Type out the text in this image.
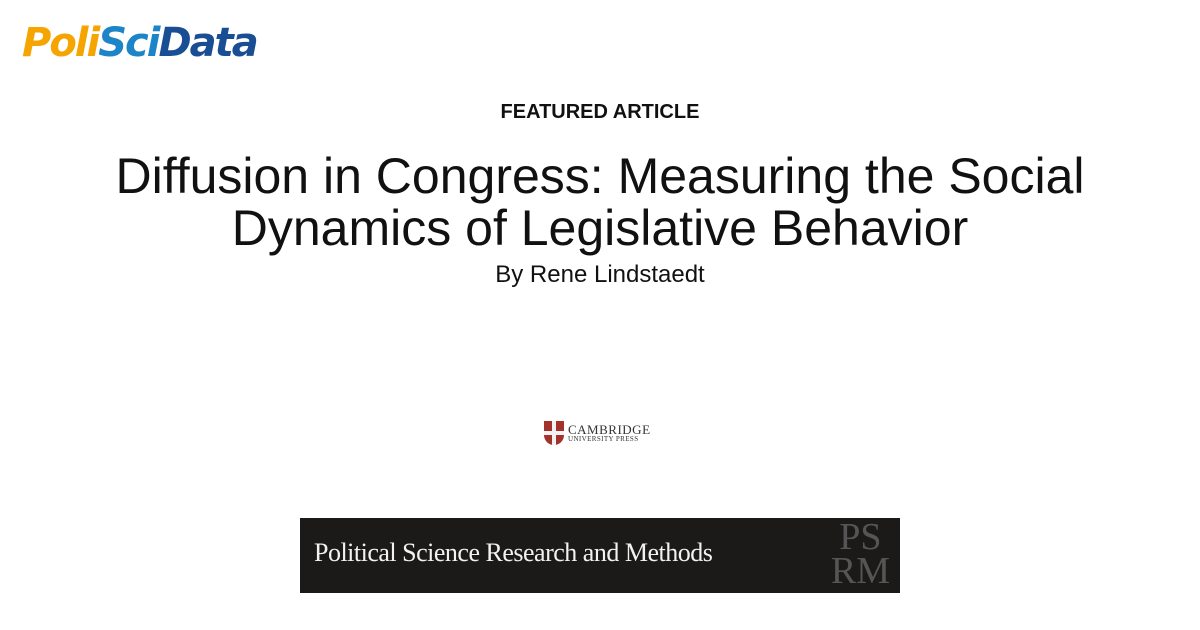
PoliSciData
FEATURED ARTICLE
Diffusion in Congress: Measuring the Social Dynamics of Legislative Behavior
By Rene Lindstaedt
CAMBRIDGE
UNIVERSITY PRESS
Political Science Research and Methods	PS
RM
